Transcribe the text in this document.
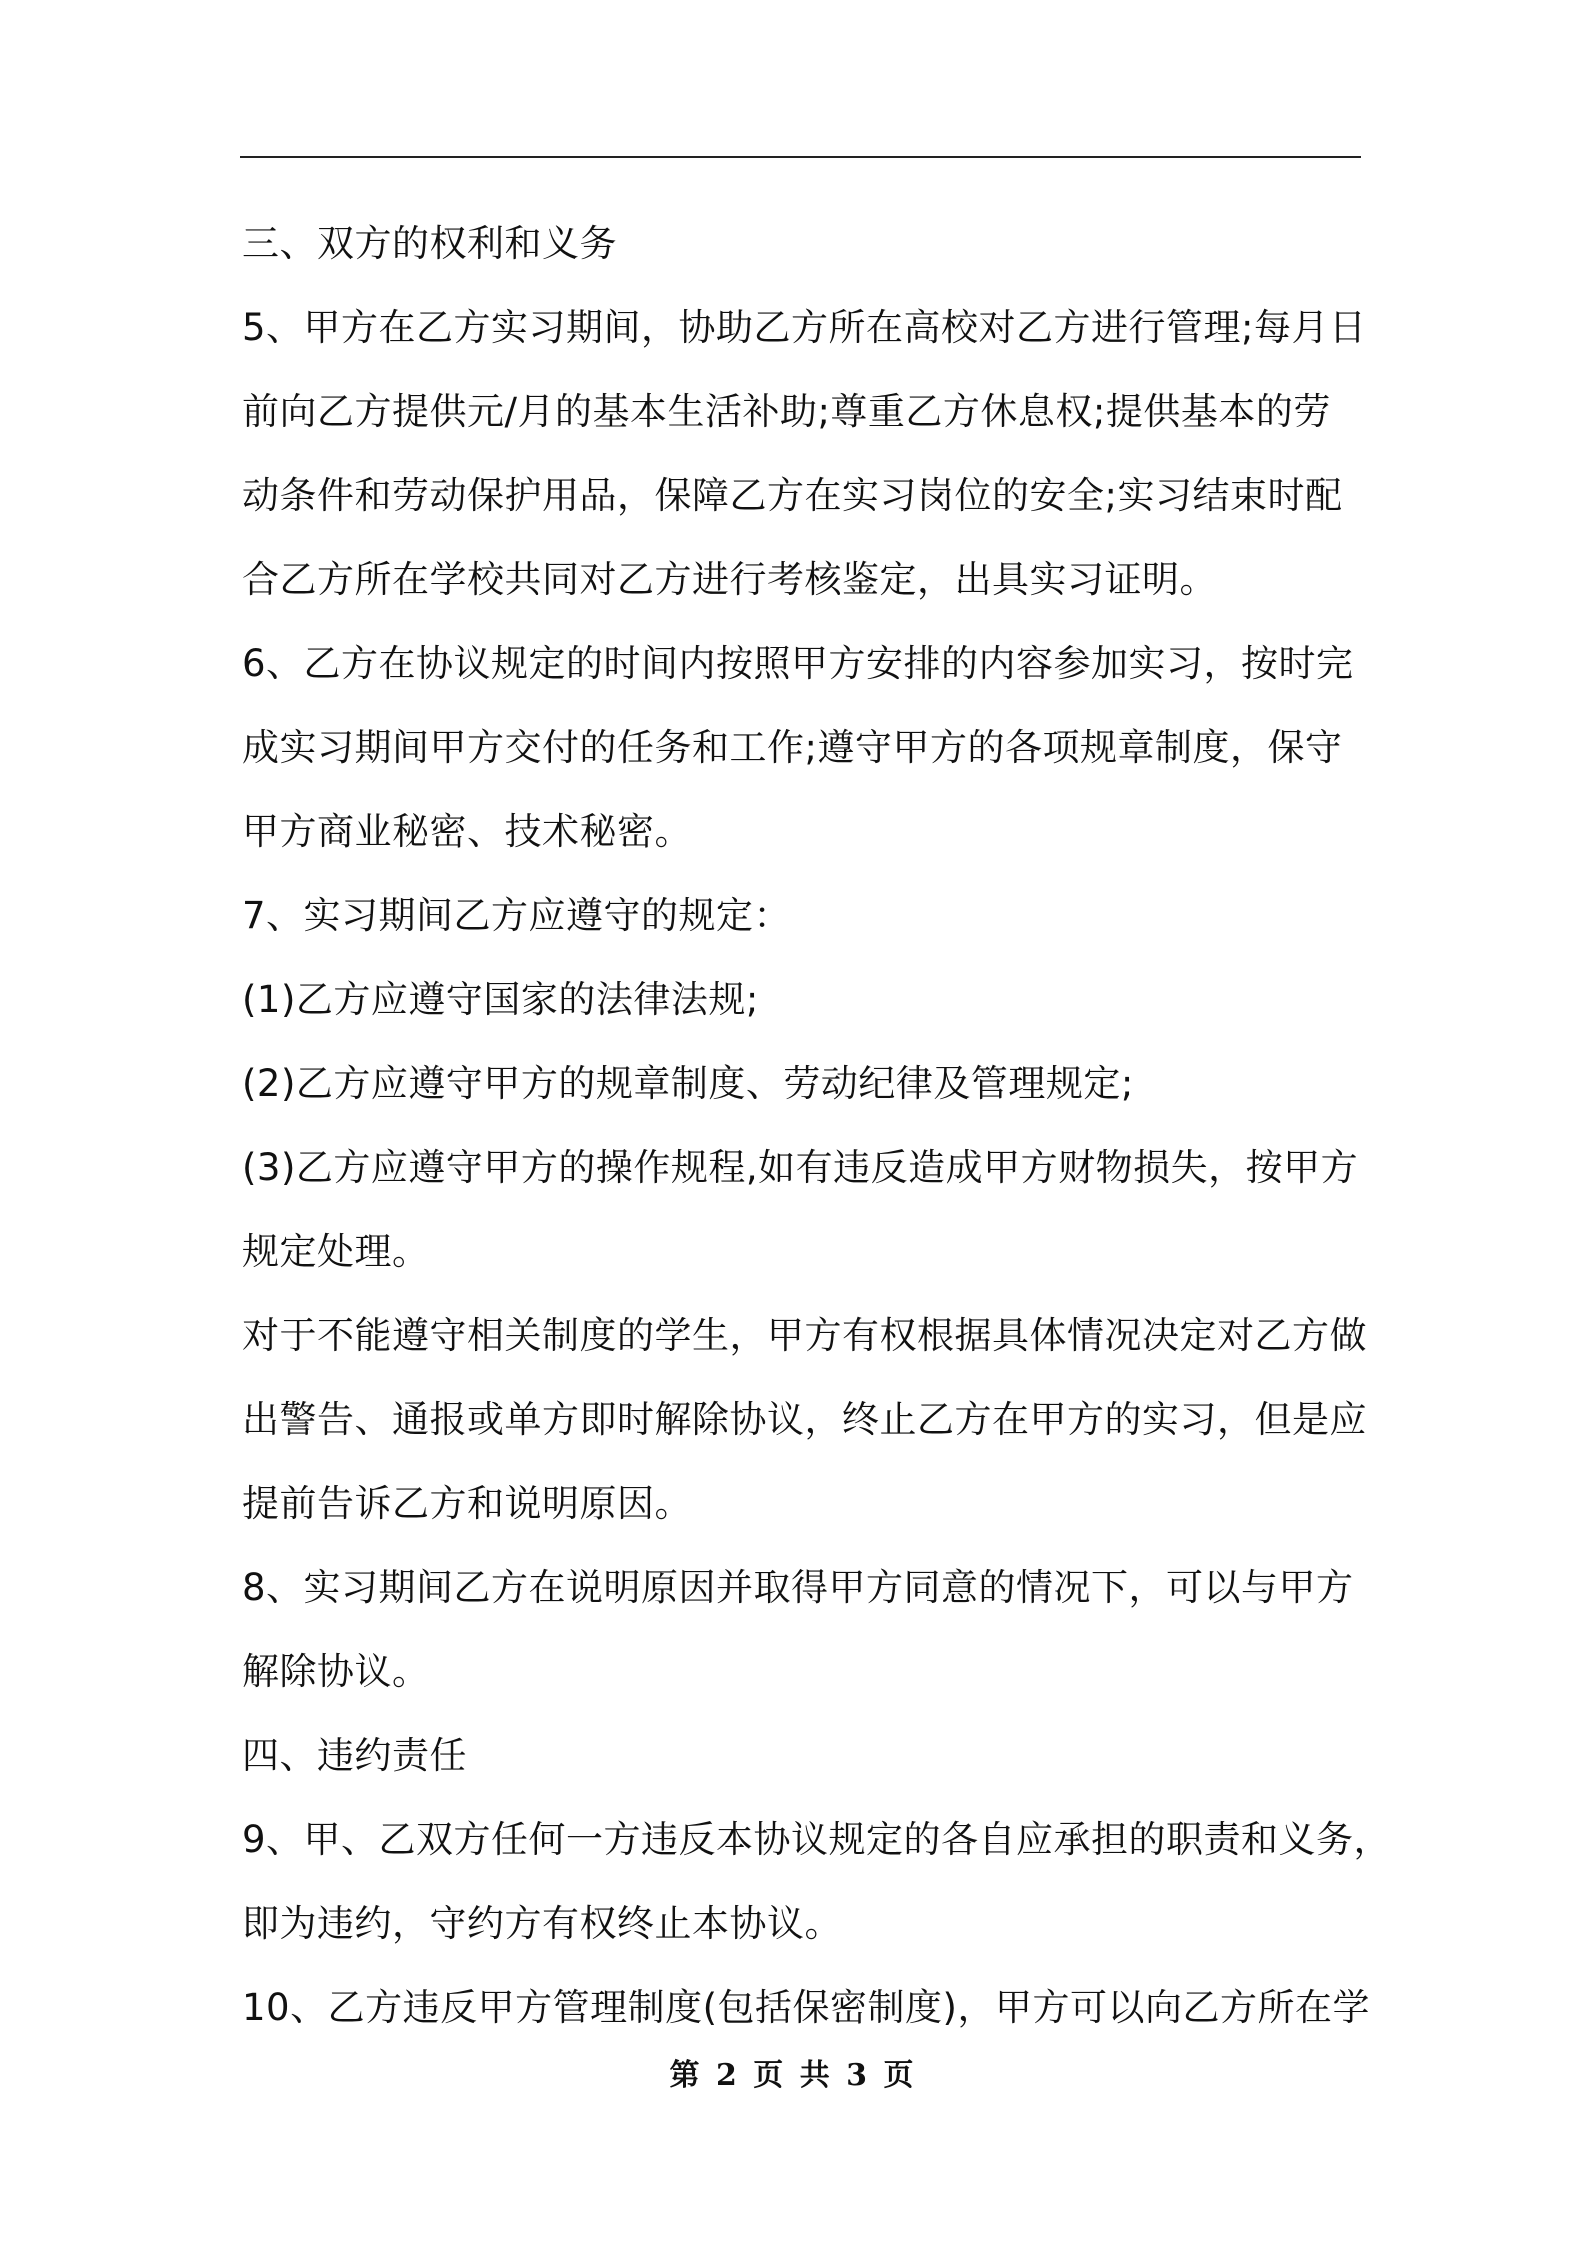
三、双方的权利和义务
5、甲方在乙方实习期间，协助乙方所在高校对乙方进行管理;每月日
前向乙方提供元/月的基本生活补助;尊重乙方休息权;提供基本的劳
动条件和劳动保护用品，保障乙方在实习岗位的安全;实习结束时配
合乙方所在学校共同对乙方进行考核鉴定，出具实习证明。
6、乙方在协议规定的时间内按照甲方安排的内容参加实习，按时完
成实习期间甲方交付的任务和工作;遵守甲方的各项规章制度，保守
甲方商业秘密、技术秘密。
7、实习期间乙方应遵守的规定：
(1)乙方应遵守国家的法律法规;
(2)乙方应遵守甲方的规章制度、劳动纪律及管理规定;
(3)乙方应遵守甲方的操作规程,如有违反造成甲方财物损失，按甲方
规定处理。
对于不能遵守相关制度的学生，甲方有权根据具体情况决定对乙方做
出警告、通报或单方即时解除协议，终止乙方在甲方的实习，但是应
提前告诉乙方和说明原因。
8、实习期间乙方在说明原因并取得甲方同意的情况下，可以与甲方
解除协议。
四、违约责任
9、甲、乙双方任何一方违反本协议规定的各自应承担的职责和义务，
即为违约，守约方有权终止本协议。
10、乙方违反甲方管理制度(包括保密制度)，甲方可以向乙方所在学
第 2 页 共 3 页
